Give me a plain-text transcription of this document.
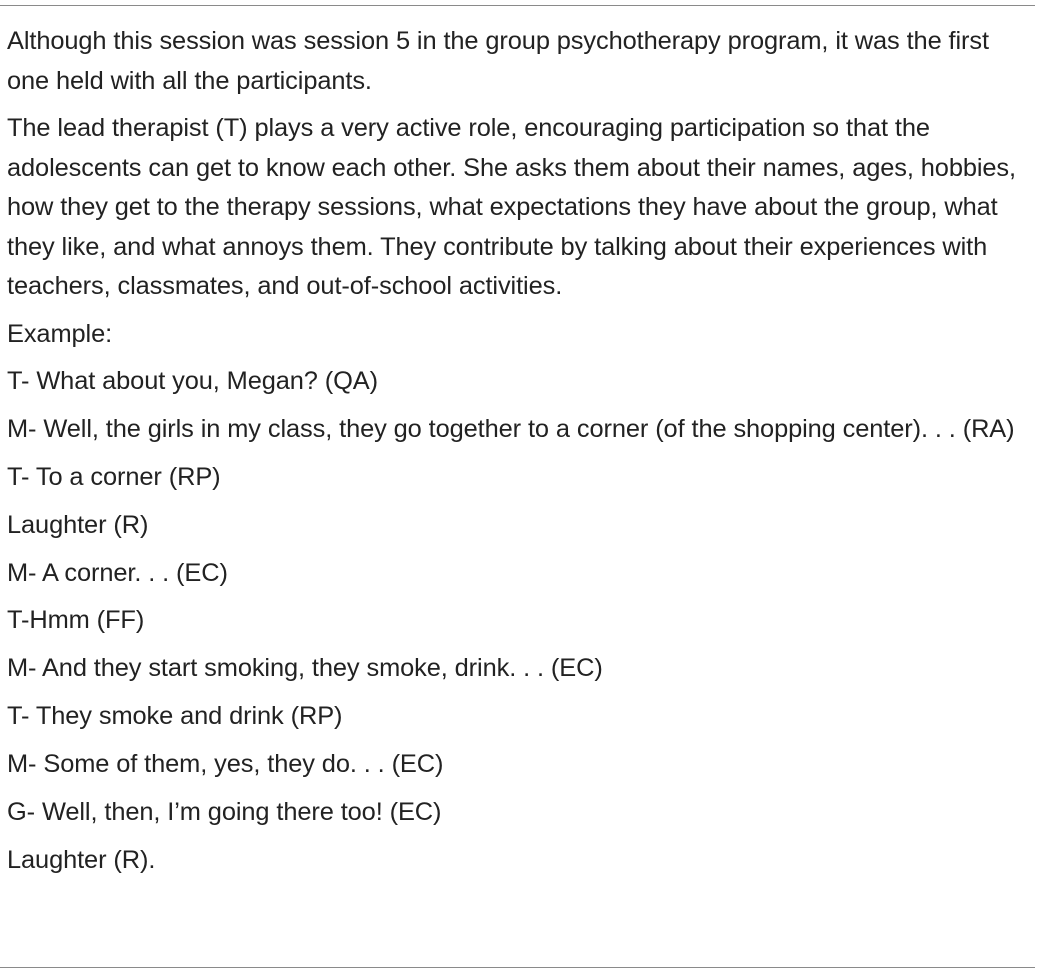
Although this session was session 5 in the group psychotherapy program, it was the first one held with all the participants.

The lead therapist (T) plays a very active role, encouraging participation so that the adolescents can get to know each other. She asks them about their names, ages, hobbies, how they get to the therapy sessions, what expectations they have about the group, what they like, and what annoys them. They contribute by talking about their experiences with teachers, classmates, and out-of-school activities.

Example:

T- What about you, Megan? (QA)

M- Well, the girls in my class, they go together to a corner (of the shopping center). . . (RA)

T- To a corner (RP)

Laughter (R)

M- A corner. . . (EC)

T-Hmm (FF)

M- And they start smoking, they smoke, drink. . . (EC)

T- They smoke and drink (RP)

M- Some of them, yes, they do. . . (EC)

G- Well, then, I’m going there too! (EC)

Laughter (R).
